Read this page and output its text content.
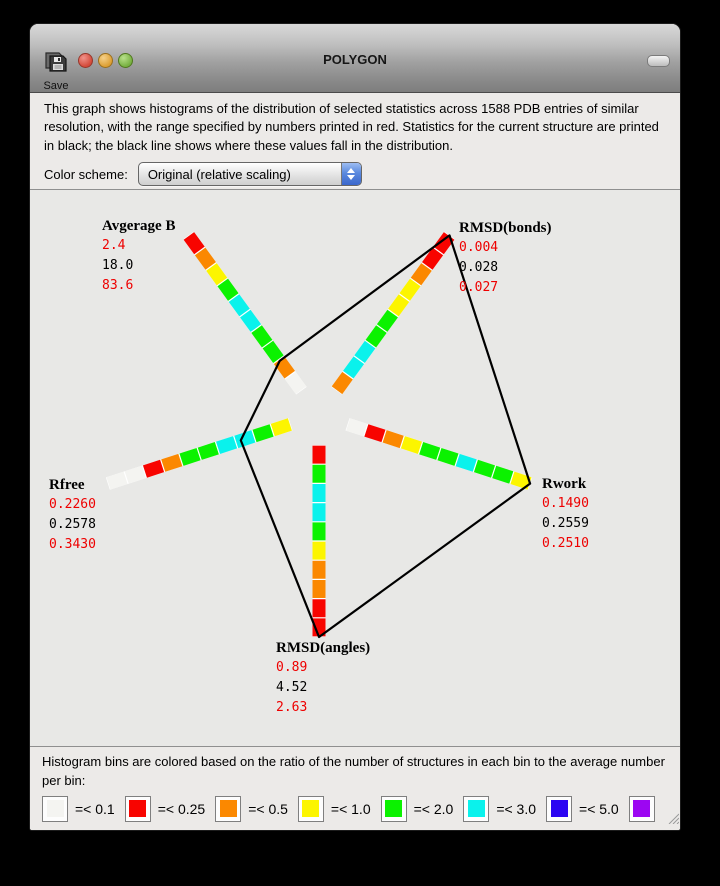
POLYGON
Save

This graph shows histograms of the distribution of selected statistics across 1588 PDB entries of similar resolution, with the range specified by numbers printed in red. Statistics for the current structure are printed in black; the black line shows where these values fall in the distribution.

Color scheme:	Original (relative scaling)
Avgerage B
2.4
18.0
83.6
RMSD(bonds)
0.004
0.028
0.027
Rwork
0.1490
0.2559
0.2510
RMSD(angles)
0.89
4.52
2.63
Rfree
0.2260
0.2578
0.3430

Histogram bins are colored based on the ratio of the number of structures in each bin to the average number per bin:

=< 0.1	=< 0.25	=< 0.5	=< 1.0	=< 2.0	=< 3.0	=< 5.0
